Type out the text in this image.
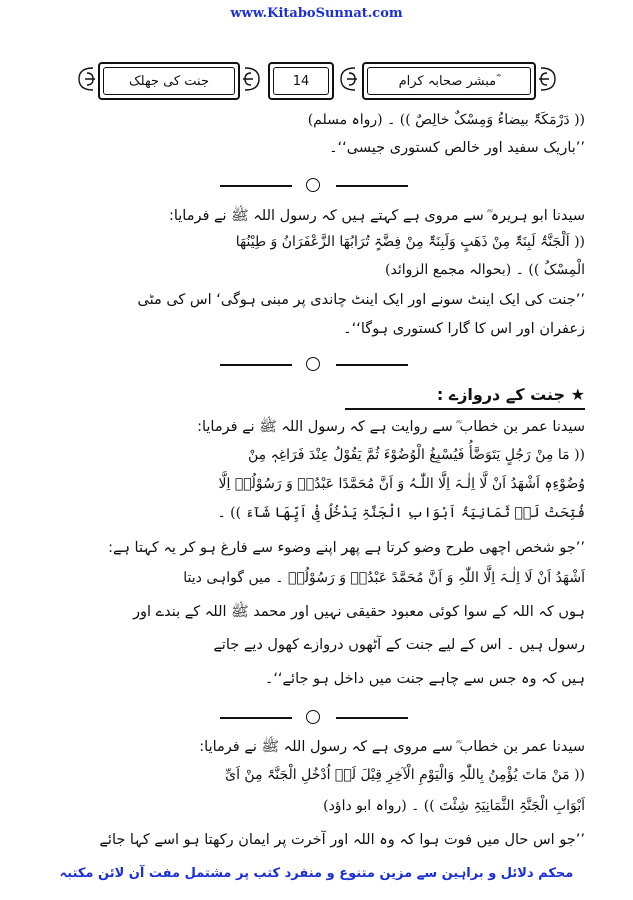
www.KitaboSunnat.com
جنت کی جھلک	14	مبشر صحابہ کرام ؓ
(( دَرْمَکَۃٌ بیضاءُ وَمِسْکٌ خالِصٌ )) ۔ (رواہ مسلم)
’’باریک سفید اور خالص کستوری جیسی‘‘۔
سیدنا ابو ہریرہ ؓ سے مروی ہے کہتے ہیں کہ رسول اللہ ﷺ نے فرمایا:
(( اَلْجَنَّۃُ لَبِنَۃٌ مِنْ ذَھَبٍ وَلَبِنَۃٌ مِنْ فِضَّۃٍ تُرَابُھَا الزَّعْفَرَانُ وَ طِیْنُھَا
الْمِسْکُ )) ۔ (بحوالہ مجمع الزوائد)
’’جنت کی ایک اینٹ سونے اور ایک اینٹ چاندی پر مبنی ہوگی‘ اس کی مٹی
زعفران اور اس کا گارا کستوری ہوگا‘‘۔
★ جنت کے دروازے :
سیدنا عمر بن خطاب ؓ سے روایت ہے کہ رسول اللہ ﷺ نے فرمایا:
(( مَا مِنْ رَجُلٍ یَتَوَضَّأُ فَیُسْبِغُ الْوُضُوْءَ ثُمَّ یَقُوْلُ عِنْدَ فَرَاغِہٖ مِنْ
وُضُوْءِہٖ اَشْھَدُ اَنْ لَّا اِلٰـہَ اِلَّا اللّٰـہُ وَ اَنَّ مُحَمَّدًا عَبْدُہٗ وَ رَسُوْلُہٗ اِلَّا
فُتِحَتْ لَہٗ ثَمَانِیَۃُ اَبْوَابِ الْجَنَّۃِ یَدْخُلُ فِیْ اَیِّھَا شَآءَ )) ۔
’’جو شخص اچھی طرح وضو کرتا ہے پھر اپنے وضوء سے فارغ ہو کر یہ کہتا ہے:
اَشْھَدُ اَنْ لَا اِلٰـہَ اِلَّا اللّٰہِ وَ اَنَّ مُحَمَّدً عَبْدُہٗ وَ رَسُوْلُہٗ ۔ میں گواہی دیتا
ہوں کہ اللہ کے سوا کوئی معبود حقیقی نہیں اور محمد ﷺ اللہ کے بندے اور
رسول ہیں ۔ اس کے لیے جنت کے آٹھوں دروازے کھول دیے جاتے
ہیں کہ وہ جس سے چاہے جنت میں داخل ہو جائے‘‘۔
سیدنا عمر بن خطاب ؓ سے مروی ہے کہ رسول اللہ ﷺ نے فرمایا:
(( مَنْ مَاتَ یُؤْمِنُ بِاللّٰہِ وَالْیَوْمِ الْآخِرِ قِیْلَ لَہٗ اُدْخُلِ الْجَنَّۃَ مِنْ اَیِّ
اَبْوَابِ الْجَنَّۃِ الثَّمَانِیَۃِ شِئْتَ )) ۔ (رواہ ابو داؤد)
’’جو اس حال میں فوت ہوا کہ وہ اللہ اور آخرت پر ایمان رکھتا ہو اسے کہا جائے
محکم دلائل و براہین سے مزین متنوع و منفرد کتب پر مشتمل مفت آن لائن مکتبہ
